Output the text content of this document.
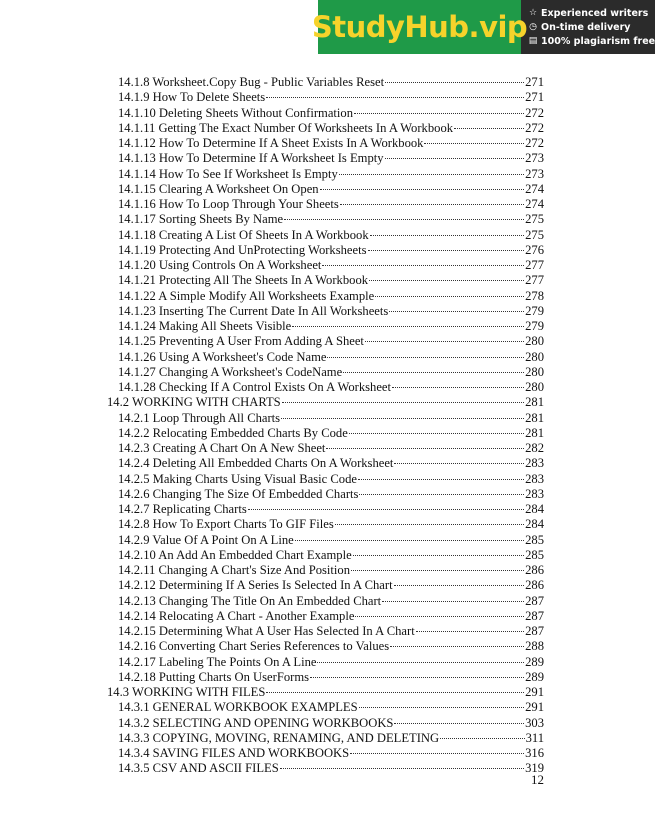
StudyHub.vip ☆ Experienced writers
◷ On-time delivery
▤ 100% plagiarism free
14.1.8 Worksheet.Copy Bug - Public Variables Reset	271
14.1.9 How To Delete Sheets	271
14.1.10 Deleting Sheets Without Confirmation	272
14.1.11 Getting The Exact Number Of Worksheets In A Workbook	272
14.1.12 How To Determine If A Sheet Exists In A Workbook	272
14.1.13 How To Determine If A Worksheet Is Empty	273
14.1.14 How To See If Worksheet Is Empty	273
14.1.15 Clearing A Worksheet On Open	274
14.1.16 How To Loop Through Your Sheets	274
14.1.17 Sorting Sheets By Name	275
14.1.18 Creating A List Of Sheets In A Workbook	275
14.1.19 Protecting And UnProtecting Worksheets	276
14.1.20 Using Controls On A Worksheet	277
14.1.21 Protecting All The Sheets In A Workbook	277
14.1.22 A Simple Modify All Worksheets Example	278
14.1.23 Inserting The Current Date In All Worksheets	279
14.1.24 Making All Sheets Visible	279
14.1.25 Preventing A User From Adding A Sheet	280
14.1.26 Using A Worksheet's Code Name	280
14.1.27 Changing A Worksheet's CodeName	280
14.1.28 Checking If A Control Exists On A Worksheet	280
14.2 WORKING WITH CHARTS	281
14.2.1 Loop Through All Charts	281
14.2.2 Relocating Embedded Charts By Code	281
14.2.3 Creating A Chart On A New Sheet	282
14.2.4 Deleting All Embedded Charts On A Worksheet	283
14.2.5 Making Charts Using Visual Basic Code	283
14.2.6 Changing The Size Of Embedded Charts	283
14.2.7 Replicating Charts	284
14.2.8 How To Export Charts To GIF Files	284
14.2.9 Value Of A Point On A Line	285
14.2.10 An Add An Embedded Chart Example	285
14.2.11 Changing A Chart's Size And Position	286
14.2.12 Determining If A Series Is Selected In A Chart	286
14.2.13 Changing The Title On An Embedded Chart	287
14.2.14 Relocating A Chart - Another Example	287
14.2.15 Determining What A User Has Selected In A Chart	287
14.2.16 Converting Chart Series References to Values	288
14.2.17 Labeling The Points On A Line	289
14.2.18 Putting Charts On UserForms	289
14.3 WORKING WITH FILES	291
14.3.1 GENERAL WORKBOOK EXAMPLES	291
14.3.2 SELECTING AND OPENING WORKBOOKS	303
14.3.3 COPYING, MOVING, RENAMING, AND DELETING	311
14.3.4 SAVING FILES AND WORKBOOKS	316
14.3.5 CSV AND ASCII FILES	319
12
